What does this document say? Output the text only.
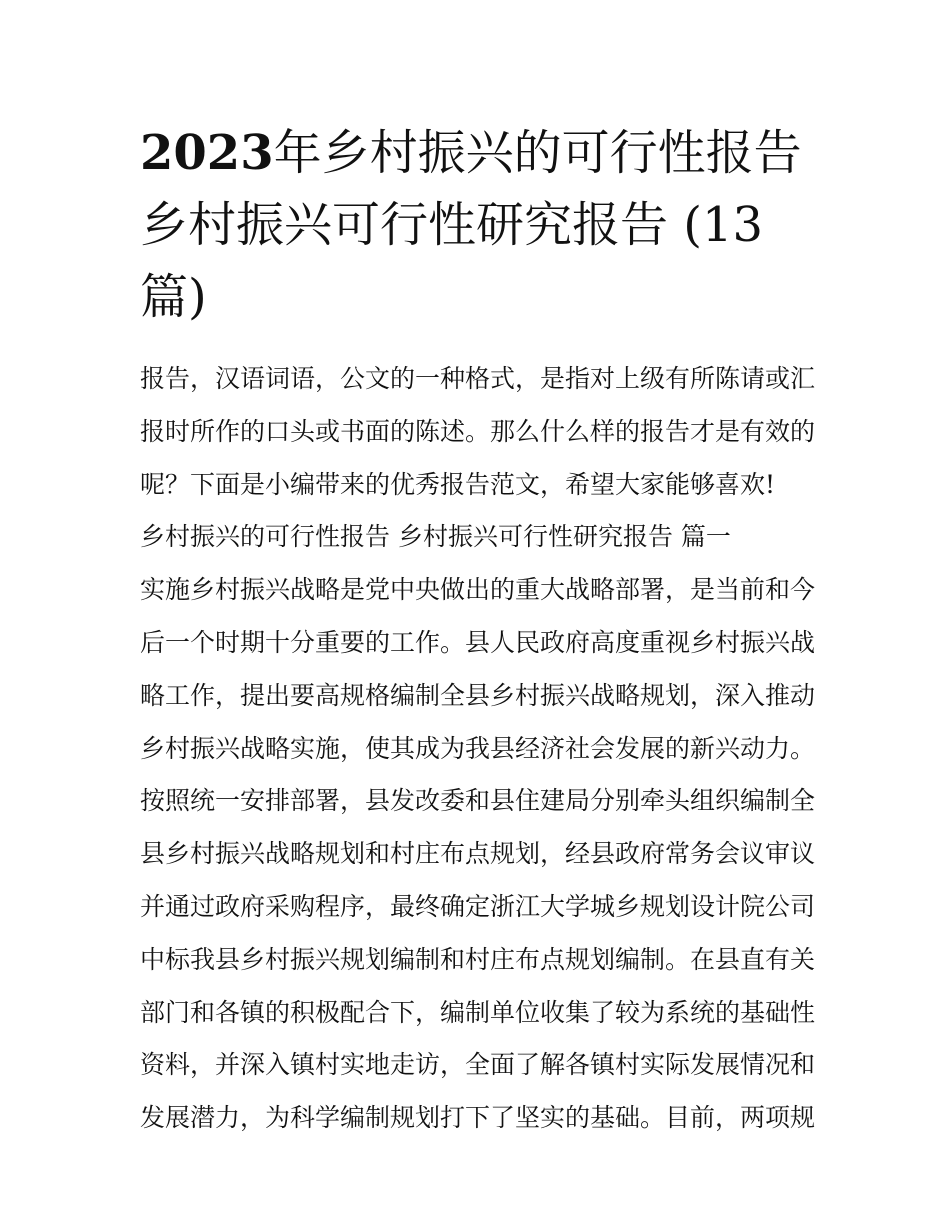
2023年乡村振兴的可行性报告
乡村振兴可行性研究报告 (13
篇)
报告，汉语词语，公文的一种格式，是指对上级有所陈请或汇
报时所作的口头或书面的陈述。那么什么样的报告才是有效的
呢？下面是小编带来的优秀报告范文，希望大家能够喜欢!
乡村振兴的可行性报告 乡村振兴可行性研究报告 篇一
实施乡村振兴战略是党中央做出的重大战略部署，是当前和今
后一个时期十分重要的工作。县人民政府高度重视乡村振兴战
略工作，提出要高规格编制全县乡村振兴战略规划，深入推动
乡村振兴战略实施，使其成为我县经济社会发展的新兴动力。
按照统一安排部署，县发改委和县住建局分别牵头组织编制全
县乡村振兴战略规划和村庄布点规划，经县政府常务会议审议
并通过政府采购程序，最终确定浙江大学城乡规划设计院公司
中标我县乡村振兴规划编制和村庄布点规划编制。在县直有关
部门和各镇的积极配合下，编制单位收集了较为系统的基础性
资料，并深入镇村实地走访，全面了解各镇村实际发展情况和
发展潜力，为科学编制规划打下了坚实的基础。目前，两项规
